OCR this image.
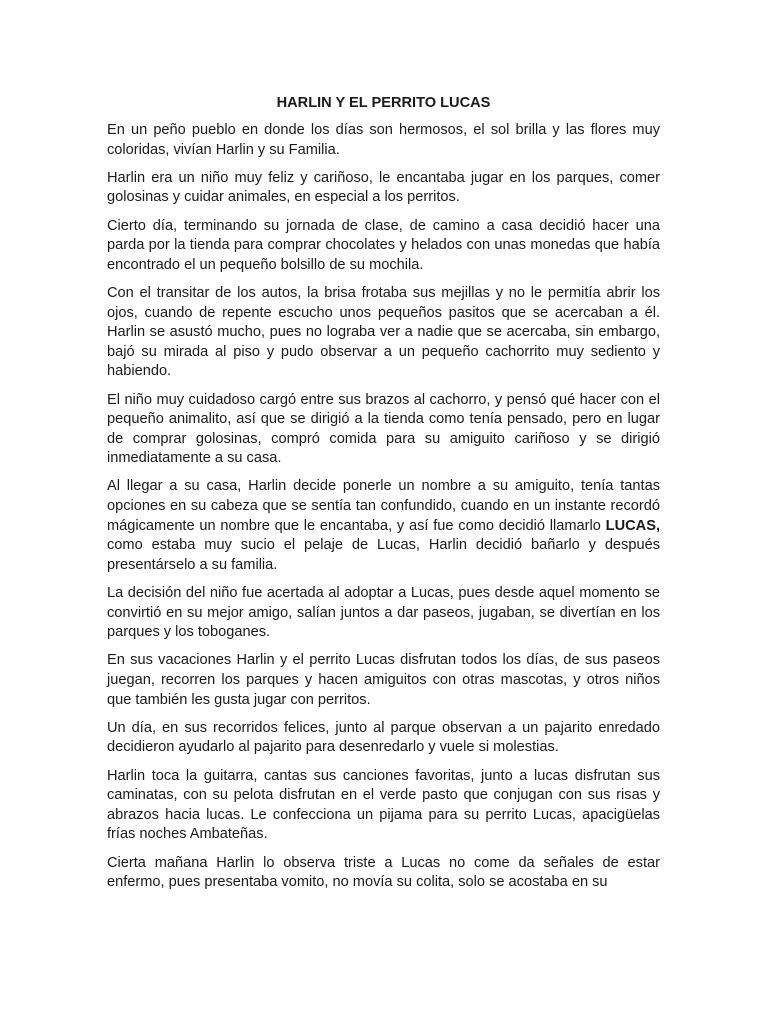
HARLIN Y EL PERRITO LUCAS

En un peño pueblo en donde los días son hermosos, el sol brilla y las flores muy coloridas, vivían Harlin y su Familia.

Harlin era un niño muy feliz y cariñoso, le encantaba jugar en los parques, comer golosinas y cuidar animales, en especial a los perritos.

Cierto día, terminando su jornada de clase, de camino a casa decidió hacer una parda por la tienda para comprar chocolates y helados con unas monedas que había encontrado el un pequeño bolsillo de su mochila.

Con el transitar de los autos, la brisa frotaba sus mejillas y no le permitía abrir los ojos, cuando de repente escucho unos pequeños pasitos que se acercaban a él. Harlin se asustó mucho, pues no lograba ver a nadie que se acercaba, sin embargo, bajó su mirada al piso y pudo observar a un pequeño cachorrito muy sediento y habiendo.

El niño muy cuidadoso cargó entre sus brazos al cachorro, y pensó qué hacer con el pequeño animalito, así que se dirigió a la tienda como tenía pensado, pero en lugar de comprar golosinas, compró comida para su amiguito cariñoso y se dirigió inmediatamente a su casa.

Al llegar a su casa, Harlin decide ponerle un nombre a su amiguito, tenía tantas opciones en su cabeza que se sentía tan confundido, cuando en un instante recordó mágicamente un nombre que le encantaba, y así fue como decidió llamarlo LUCAS, como estaba muy sucio el pelaje de Lucas, Harlin decidió bañarlo y después presentárselo a su familia.

La decisión del niño fue acertada al adoptar a Lucas, pues desde aquel momento se convirtió en su mejor amigo, salían juntos a dar paseos, jugaban, se divertían en los parques y los toboganes.

En sus vacaciones Harlin y el perrito Lucas disfrutan todos los días, de sus paseos juegan, recorren los parques y hacen amiguitos con otras mascotas, y otros niños que también les gusta jugar con perritos.

Un día, en sus recorridos felices, junto al parque observan a un pajarito enredado decidieron ayudarlo al pajarito para desenredarlo y vuele si molestias.

Harlin toca la guitarra, cantas sus canciones favoritas, junto a lucas disfrutan sus caminatas, con su pelota disfrutan en el verde pasto que conjugan con sus risas y abrazos hacia lucas. Le confecciona un pijama para su perrito Lucas, apacigüelas frías noches Ambateñas.

Cierta mañana Harlin lo observa triste a Lucas no come da señales de estar enfermo, pues presentaba vomito, no movía su colita, solo se acostaba en su
